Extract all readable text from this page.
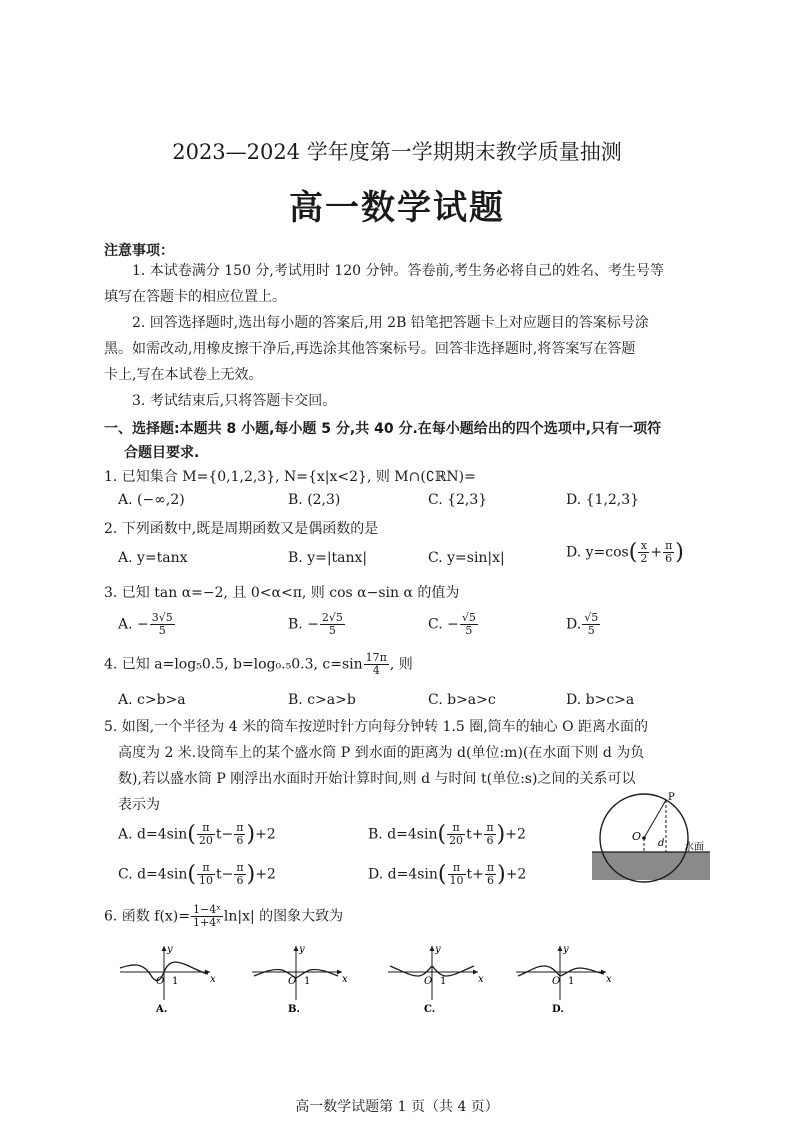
2023—2024 学年度第一学期期末教学质量抽测
高一数学试题
注意事项：
1. 本试卷满分 150 分,考试用时 120 分钟。答卷前,考生务必将自己的姓名、考生号等
填写在答题卡的相应位置上。
2. 回答选择题时,选出每小题的答案后,用 2B 铅笔把答题卡上对应题目的答案标号涂
黑。如需改动,用橡皮擦干净后,再选涂其他答案标号。回答非选择题时,将答案写在答题
卡上,写在本试卷上无效。
3. 考试结束后,只将答题卡交回。
一、选择题:本题共 8 小题,每小题 5 分,共 40 分.在每小题给出的四个选项中,只有一项符
合题目要求.
1. 已知集合 M={0,1,2,3}, N={x|x<2}, 则 M∩(∁ℝN)=
A. (−∞,2)	B. (2,3)	C. {2,3}	D. {1,2,3}
2. 下列函数中,既是周期函数又是偶函数的是
A. y=tanx	B. y=|tanx|	C. y=sin|x|	D. $y=\cos( \frac{x}{2} + \frac{\pi}{6}$ )
3. 已知 tan α=−2, 且 0<α<π, 则 cos α−sin α 的值为
A. − $\frac{3√5}{5}$	B. − $\frac{2√5}{5}$	C. − $\frac{√5}{5}$	D. $\frac{√5}{5}$
4. 已知 a=log₅0.5, b=log₀.₅0.3, $c=\sin \frac{17\pi}{4}$ , 则
A. c>b>a	B. c>a>b	C. b>a>c	D. b>c>a
5. 如图,一个半径为 4 米的筒车按逆时针方向每分钟转 1.5 圈,筒车的轴心 O 距离水面的
高度为 2 米.设筒车上的某个盛水筒 P 到水面的距离为 d(单位:m)(在水面下则 d 为负
数),若以盛水筒 P 刚浮出水面时开始计算时间,则 d 与时间 t(单位:s)之间的关系可以
表示为
A. $d=4\sin( \frac{\pi}{20} t- \frac{\pi}{6} )+2$	B. $d=4\sin( \frac{\pi}{20} t+ \frac{\pi}{6} )+2$
C. $d=4\sin( \frac{\pi}{10} t- \frac{\pi}{6} )+2$	D. $d=4\sin( \frac{\pi}{10} t+ \frac{\pi}{6} )+2$
P
O
d 水面
6. 函数 $f(x)= \frac{\text{1−4ˣ}}{\text{1+4ˣ}} \ln|x|$ 的图象大致为
y
O 1	x
A.
y
O 1	x
B.
y
O 1	x
C.
y
O 1	x
D.
高一数学试题第 1 页（共 4 页）
